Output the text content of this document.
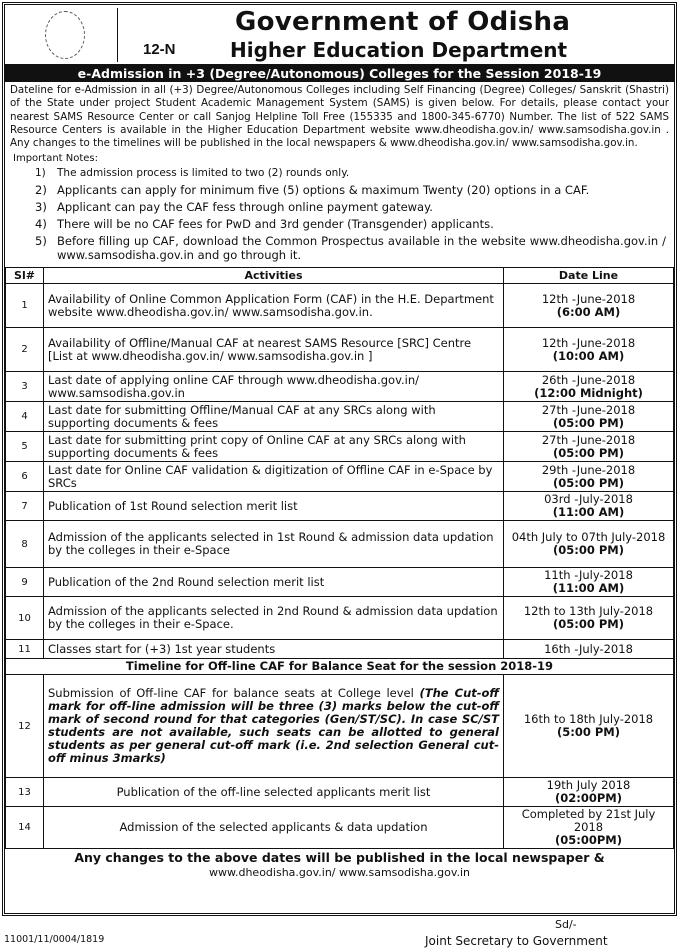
12-N
Government of Odisha
Higher Education Department
e-Admission in +3 (Degree/Autonomous) Colleges for the Session 2018-19
Dateline for e-Admission in all (+3) Degree/Autonomous Colleges including Self Financing (Degree) Colleges/ Sanskrit (Shastri) of the State under project Student Academic Management System (SAMS) is given below. For details, please contact your nearest SAMS Resource Center or call Sanjog Helpline Toll Free (155335 and 1800-345-6770) Number. The list of 522 SAMS Resource Centers is available in the Higher Education Department website www.dheodisha.gov.in/ www.samsodisha.gov.in . Any changes to the timelines will be published in the local newspapers & www.dheodisha.gov.in/ www.samsodisha.gov.in.
Important Notes:
1)	The admission process is limited to two (2) rounds only.
2) Applicants can apply for minimum five (5) options & maximum Twenty (20) options in a CAF.
3) Applicant can pay the CAF fess through online payment gateway.
4) There will be no CAF fees for PwD and 3rd gender (Transgender) applicants.
5) Before filling up CAF, download the Common Prospectus available in the website www.dheodisha.gov.in / www.samsodisha.gov.in and go through it.
Sl#	Activities	Date Line
1	Availability of Online Common Application Form (CAF) in the H.E. Department website www.dheodisha.gov.in/ www.samsodisha.gov.in.	12th -June-2018
(6:00 AM)

2	Availability of Offline/Manual CAF at nearest SAMS Resource [SRC] Centre [List at www.dheodisha.gov.in/ www.samsodisha.gov.in ]	12th -June-2018
(10:00 AM)

3	Last date of applying online CAF through www.dheodisha.gov.in/ www.samsodisha.gov.in	26th -June-2018
(12:00 Midnight)

4	Last date for submitting Offline/Manual CAF at any SRCs along with supporting documents & fees	27th -June-2018
(05:00 PM)

5	Last date for submitting print copy of Online CAF at any SRCs along with supporting documents & fees	27th -June-2018
(05:00 PM)

6	Last date for Online CAF validation & digitization of Offline CAF in e-Space by SRCs	29th -June-2018
(05:00 PM)

7	Publication of 1st Round selection merit list	03rd -July-2018
(11:00 AM)

8	Admission of the applicants selected in 1st Round & admission data updation by the colleges in their e-Space	04th July to 07th July-2018
(05:00 PM)

9	Publication of the 2nd Round selection merit list	11th -July-2018
(11:00 AM)

10	Admission of the applicants selected in 2nd Round & admission data updation by the colleges in their e-Space.	12th to 13th July-2018
(05:00 PM)

11	Classes start for (+3) 1st year students	16th -July-2018

Timeline for Off-line CAF for Balance Seat for the session 2018-19		
12	Submission of Off-line CAF for balance seats at College level (The Cut-off mark for off-line admission will be three (3) marks below the cut-off mark of second round for that categories (Gen/ST/SC). In case SC/ST students are not available, such seats can be allotted to general students as per general cut-off mark (i.e. 2nd selection General cut-off minus 3marks)	16th to 18th July-2018
(5:00 PM)

13	Publication of the off-line selected applicants merit list	19th July 2018
(02:00PM)

14	Admission of the selected applicants & data updation	Completed by 21st July 2018
(05:00PM)
Any changes to the above dates will be published in the local newspaper &
www.dheodisha.gov.in/ www.samsodisha.gov.in
Sd/-
Joint Secretary to Government
11001/11/0004/1819
